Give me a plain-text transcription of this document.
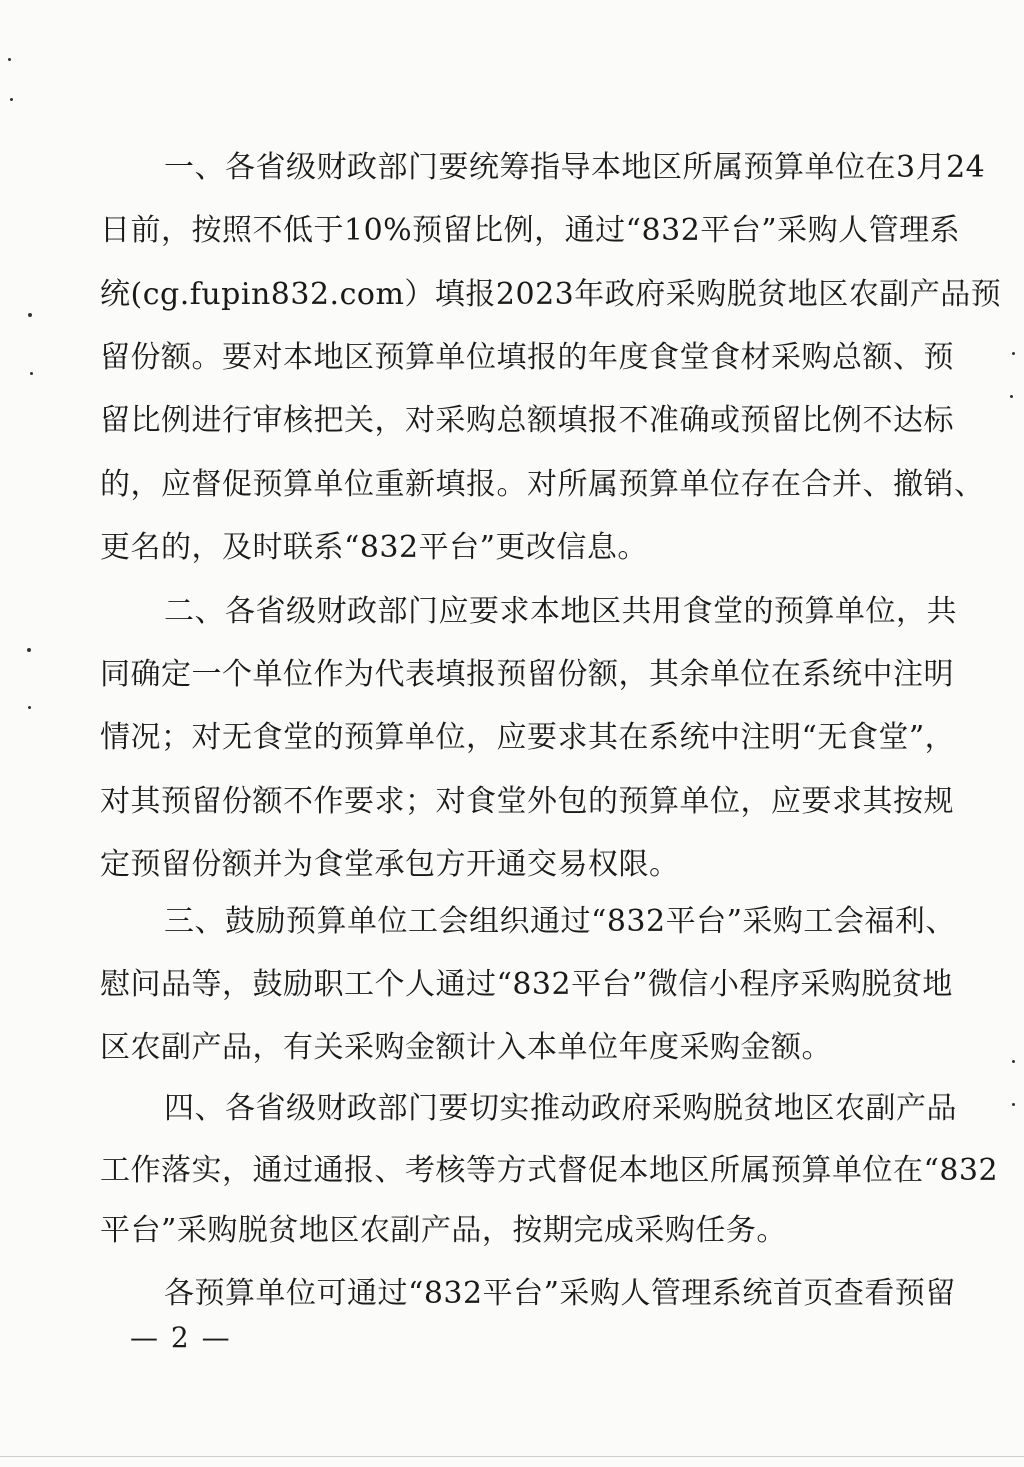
一、各省级财政部门要统筹指导本地区所属预算单位在3月24
日前，按照不低于10%预留比例，通过“832平台”采购人管理系
统(cg.fupin832.com）填报2023年政府采购脱贫地区农副产品预
留份额。要对本地区预算单位填报的年度食堂食材采购总额、预
留比例进行审核把关，对采购总额填报不准确或预留比例不达标
的，应督促预算单位重新填报。对所属预算单位存在合并、撤销、
更名的，及时联系“832平台”更改信息。
二、各省级财政部门应要求本地区共用食堂的预算单位，共
同确定一个单位作为代表填报预留份额，其余单位在系统中注明
情况；对无食堂的预算单位，应要求其在系统中注明“无食堂”，
对其预留份额不作要求；对食堂外包的预算单位，应要求其按规
定预留份额并为食堂承包方开通交易权限。
三、鼓励预算单位工会组织通过“832平台”采购工会福利、
慰问品等，鼓励职工个人通过“832平台”微信小程序采购脱贫地
区农副产品，有关采购金额计入本单位年度采购金额。
四、各省级财政部门要切实推动政府采购脱贫地区农副产品
工作落实，通过通报、考核等方式督促本地区所属预算单位在“832
平台”采购脱贫地区农副产品，按期完成采购任务。
各预算单位可通过“832平台”采购人管理系统首页查看预留
— 2 —
